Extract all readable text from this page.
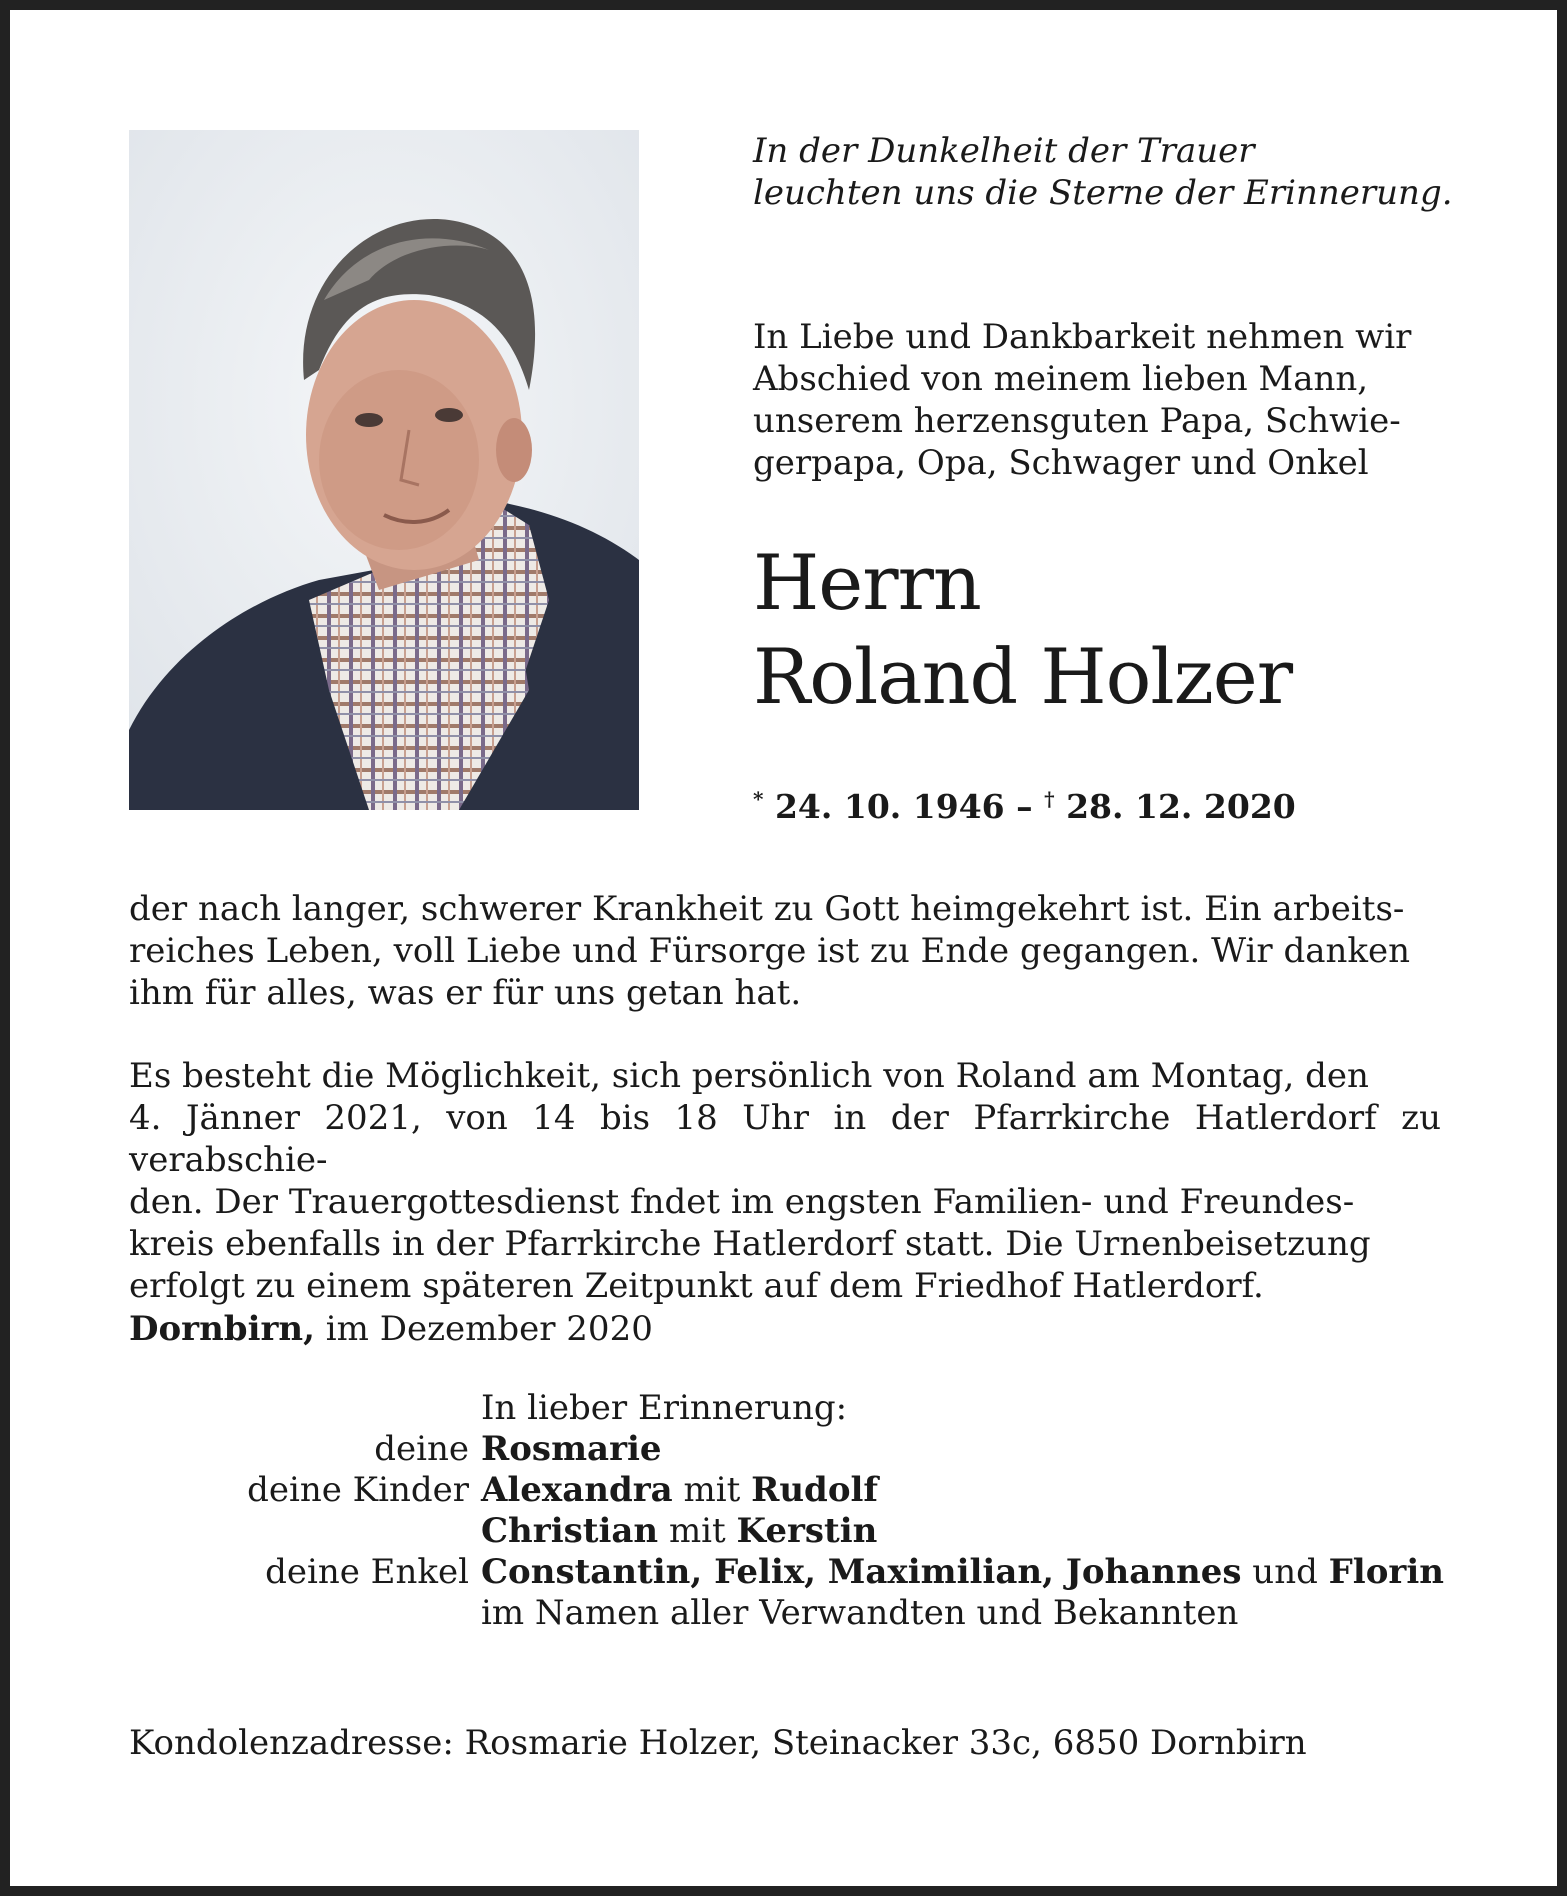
In der Dunkelheit der Trauer
leuchten uns die Sterne der Erinnerung.
In Liebe und Dankbarkeit nehmen wir
Abschied von meinem lieben Mann,
unserem herzensguten Papa, Schwie-
gerpapa, Opa, Schwager und Onkel
Herrn
Roland Holzer
* 24. 10. 1946 – † 28. 12. 2020
der nach langer, schwerer Krankheit zu Gott heimgekehrt ist. Ein arbeits-
reiches Leben, voll Liebe und Fürsorge ist zu Ende gegangen. Wir danken
ihm für alles, was er für uns getan hat.
Es besteht die Möglichkeit, sich persönlich von Roland am Montag, den
4. Jänner 2021, von 14 bis 18 Uhr in der Pfarrkirche Hatlerdorf zu verabschie-
den. Der Trauergottesdienst fndet im engsten Familien- und Freundes-
kreis ebenfalls in der Pfarrkirche Hatlerdorf statt. Die Urnenbeisetzung
erfolgt zu einem späteren Zeitpunkt auf dem Friedhof Hatlerdorf.
Dornbirn, im Dezember 2020
In lieber Erinnerung:
deine Rosmarie
deine Kinder Alexandra mit Rudolf
Christian mit Kerstin
deine Enkel Constantin, Felix, Maximilian, Johannes und Florin
im Namen aller Verwandten und Bekannten
Kondolenzadresse: Rosmarie Holzer, Steinacker 33c, 6850 Dornbirn
